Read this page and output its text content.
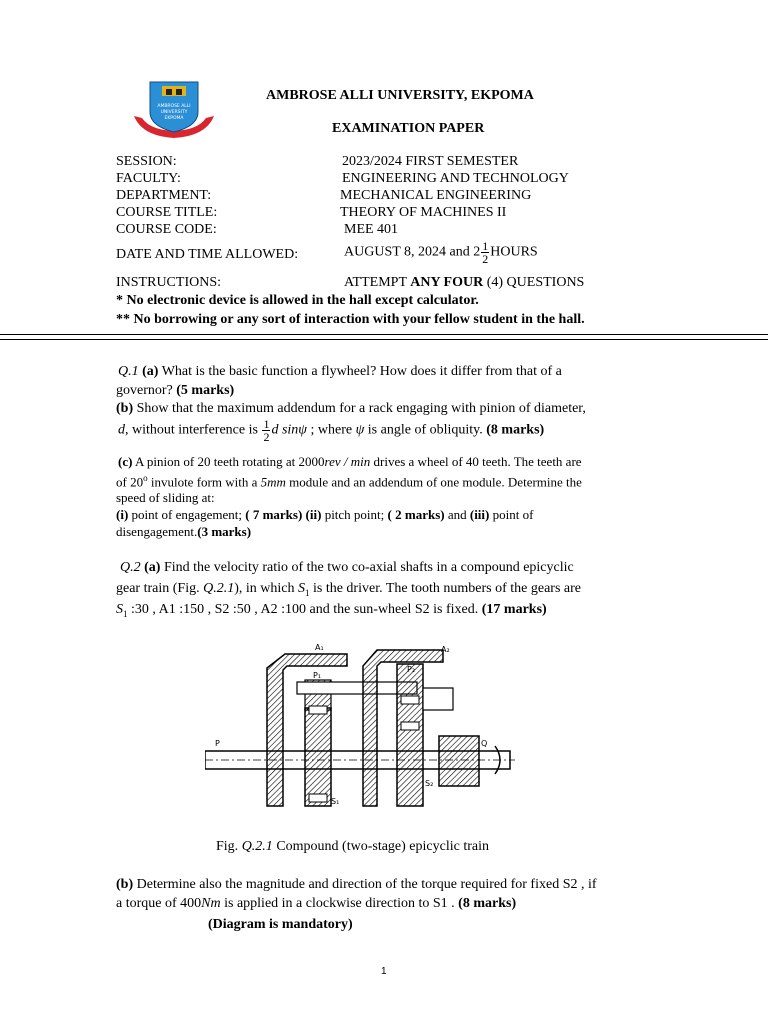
AMBROSE ALLI
UNIVERSITY
EKPOMA
AMBROSE ALLI UNIVERSITY, EKPOMA
EXAMINATION PAPER
SESSION:	2023/2024 FIRST SEMESTER
FACULTY:	ENGINEERING AND TECHNOLOGY
DEPARTMENT:	MECHANICAL ENGINEERING
COURSE TITLE:	THEORY OF MACHINES II
COURSE CODE:	MEE 401
DATE AND TIME ALLOWED:	AUGUST 8, 2024 and $2 \frac{1}{2}$ HOURS
INSTRUCTIONS:	ATTEMPT ANY FOUR (4) QUESTIONS
* No electronic device is allowed in the hall except calculator.
** No borrowing or any sort of interaction with your fellow student in the hall.
Q.1 (a) What is the basic function a flywheel? How does it differ from that of a
governor? (5 marks)
(b) Show that the maximum addendum for a rack engaging with pinion of diameter,
d, without interference is $\frac{1}{2}$ d sinψ ; where ψ is angle of obliquity. (8 marks)
(c) A pinion of 20 teeth rotating at 2000rev / min drives a wheel of 40 teeth. The teeth are
of 20$^o$ invulote form with a 5mm module and an addendum of one module. Determine the
speed of sliding at:
(i) point of engagement; ( 7 marks) (ii) pitch point; ( 2 marks) and (iii) point of
disengagement.(3 marks)
Q.2 (a) Find the velocity ratio of the two co-axial shafts in a compound epicyclic
gear train (Fig. Q.2.1), in which $S_1$ is the driver. The tooth numbers of the gears are
$S_1$ :30 , A1 :150 , S2 :50 , A2 :100 and the sun-wheel S2 is fixed. (17 marks)
A₁	A₂
P₁
P₂
P	Q
S₁
S₂
Fig. Q.2.1 Compound (two-stage) epicyclic train
(b) Determine also the magnitude and direction of the torque required for fixed S2 , if
a torque of 400Nm is applied in a clockwise direction to S1 . (8 marks)
(Diagram is mandatory)
1
